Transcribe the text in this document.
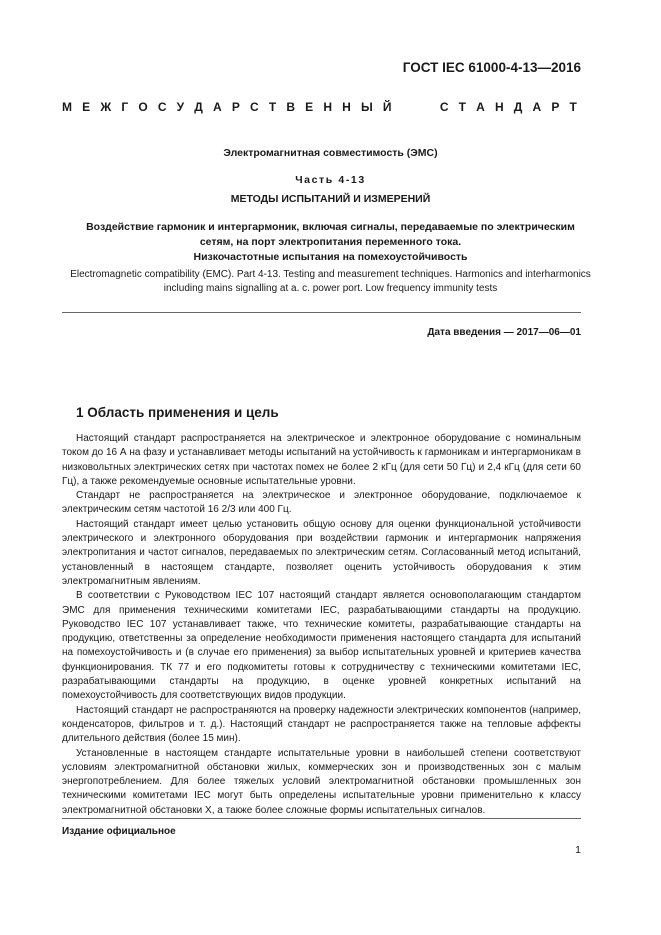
ГОСТ IEC 61000-4-13—2016
М Е Ж Г О С У Д А Р С Т В Е Н Н Ы Й	С Т А Н Д А Р Т
Электромагнитная совместимость (ЭМС)
Часть 4-13
МЕТОДЫ ИСПЫТАНИЙ И ИЗМЕРЕНИЙ
Воздействие гармоник и интергармоник, включая сигналы, передаваемые по электрическим
сетям, на порт электропитания переменного тока.
Низкочастотные испытания на помехоустойчивость
Electromagnetic compatibility (EMC). Part 4-13. Testing and measurement techniques. Harmonics and interharmonics
including mains signalling at a. c. power port. Low frequency immunity tests
Дата введения — 2017—06—01
1 Область применения и цель

Настоящий стандарт распространяется на электрическое и электронное оборудование с номинальным током до 16 А на фазу и устанавливает методы испытаний на устойчивость к гармоникам и интергармоникам в низковольтных электрических сетях при частотах помех не более 2 кГц (для сети 50 Гц) и 2,4 кГц (для сети 60 Гц), а также рекомендуемые основные испытательные уровни.

Стандарт не распространяется на электрическое и электронное оборудование, подключаемое к электрическим сетям частотой 16 2/3 или 400 Гц.

Настоящий стандарт имеет целью установить общую основу для оценки функциональной устойчивости электрического и электронного оборудования при воздействии гармоник и интергармоник напряжения электропитания и частот сигналов, передаваемых по электрическим сетям. Согласованный метод испытаний, установленный в настоящем стандарте, позволяет оценить устойчивость оборудования к этим электромагнитным явлениям.

В соответствии с Руководством IEC 107 настоящий стандарт является основополагающим стандартом ЭМС для применения техническими комитетами IEC, разрабатывающими стандарты на продукцию. Руководство IEC 107 устанавливает также, что технические комитеты, разрабатывающие стандарты на продукцию, ответственны за определение необходимости применения настоящего стандарта для испытаний на помехоустойчивость и (в случае его применения) за выбор испытательных уровней и критериев качества функционирования. ТК 77 и его подкомитеты готовы к сотрудничеству с техническими комитетами IEC, разрабатывающими стандарты на продукцию, в оценке уровней конкретных испытаний на помехоустойчивость для соответствующих видов продукции.

Настоящий стандарт не распространяются на проверку надежности электрических компонентов (например, конденсаторов, фильтров и т. д.). Настоящий стандарт не распространяется также на тепловые аффекты длительного действия (более 15 мин).

Установленные в настоящем стандарте испытательные уровни в наибольшей степени соответствуют условиям электромагнитной обстановки жилых, коммерческих зон и производственных зон с малым энергопотреблением. Для более тяжелых условий электромагнитной обстановки промышленных зон техническими комитетами IEC могут быть определены испытательные уровни применительно к классу электромагнитной обстановки X, а также более сложные формы испытательных сигналов.

Издание официальное
1
